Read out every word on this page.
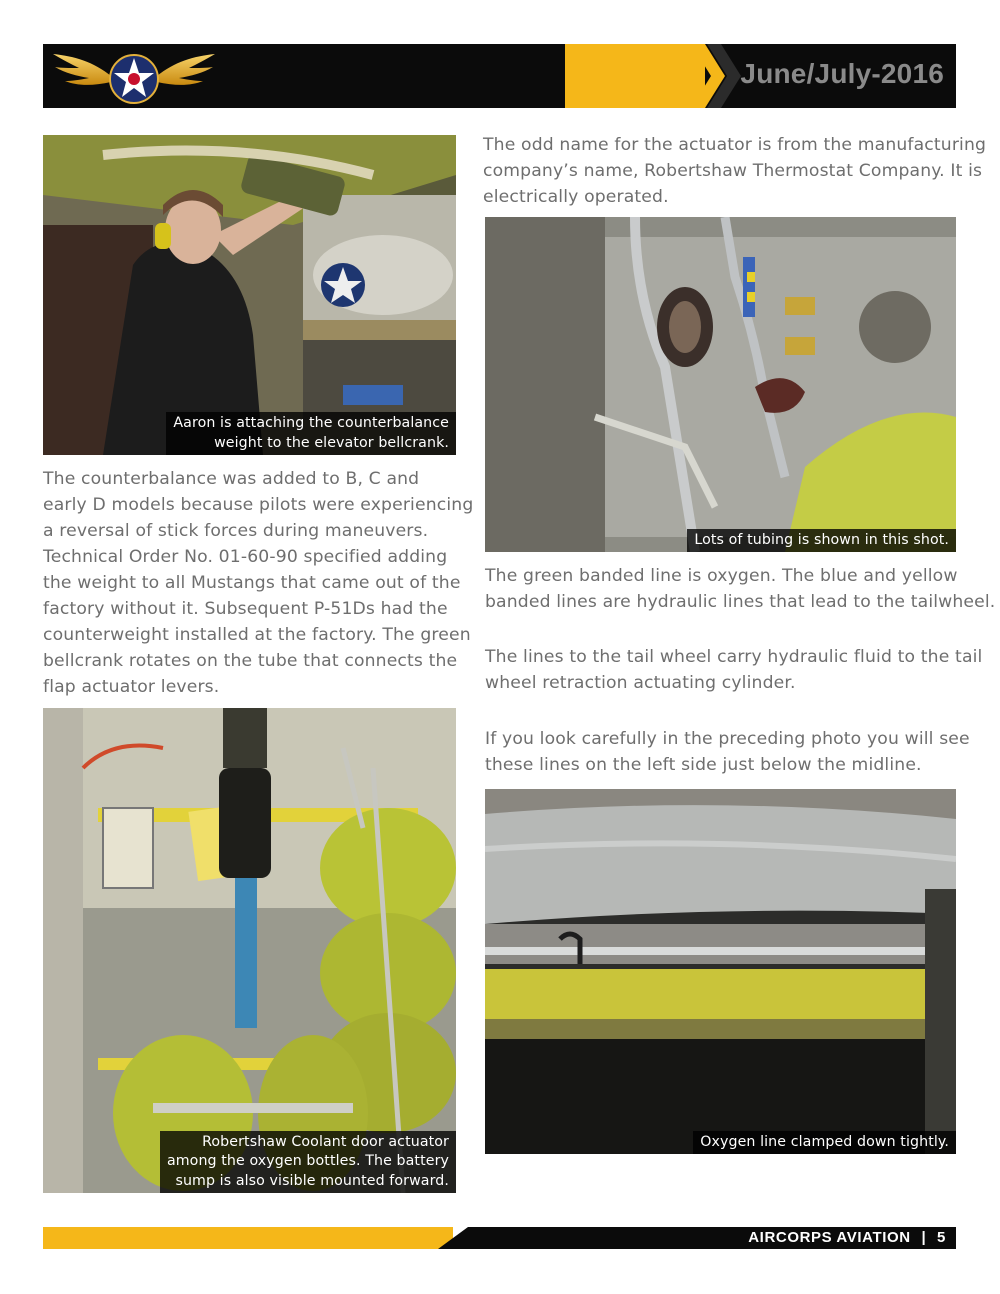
June/July-2016
The odd name for the actuator is from the manufacturing
company’s name, Robertshaw Thermostat Company. It is
electrically operated.
Aaron is attaching the counterbalance
weight to the elevator bellcrank.
Lots of tubing is shown in this shot.
The counterbalance was added to B, C and
early D models because pilots were experiencing
a reversal of stick forces during maneuvers.
Technical Order No. 01-60-90 specified adding
the weight to all Mustangs that came out of the
factory without it. Subsequent P-51Ds had the
counterweight installed at the factory. The green
bellcrank rotates on the tube that connects the
flap actuator levers.
The green banded line is oxygen. The blue and yellow
banded lines are hydraulic lines that lead to the tailwheel.
The lines to the tail wheel carry hydraulic fluid to the tail
wheel retraction actuating cylinder.
If you look carefully in the preceding photo you will see
these lines on the left side just below the midline.
Robertshaw Coolant door actuator
among the oxygen bottles. The battery
sump is also visible mounted forward.
Oxygen line clamped down tightly.
AIRCORPS AVIATION | 5
